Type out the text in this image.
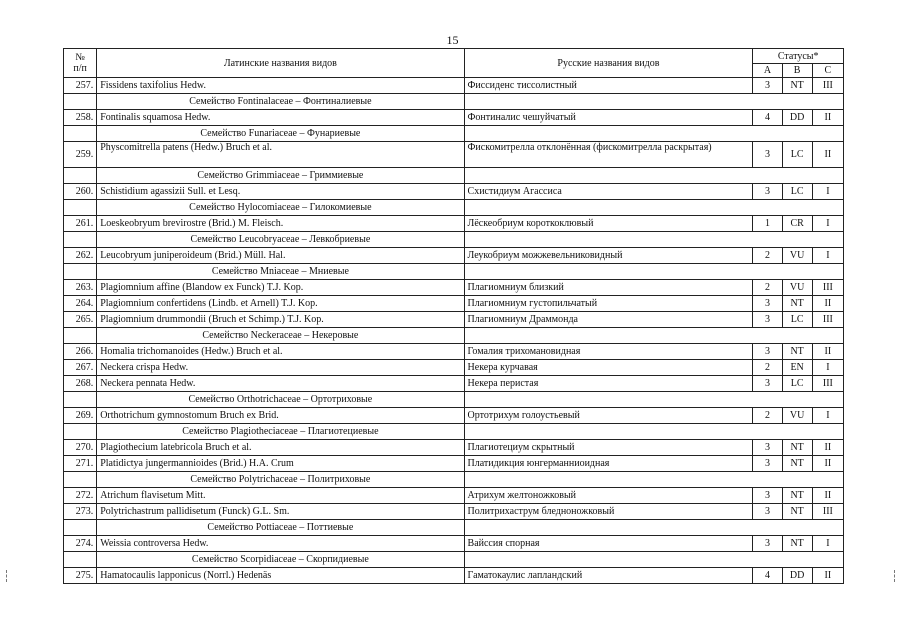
15
№
п/п	Латинские названия видов	Русские названия видов	Статусы*		
			А	В	С
257.	Fissidens taxifolius Hedw.	Фиссиденс тиссолистный	3	NT	III
	Семейство Fontinalaceae – Фонтиналиевые				
258.	Fontinalis squamosa Hedw.	Фонтиналис чешуйчатый	4	DD	II
	Семейство Funariaceae – Фунариевые				
259.	Physcomitrella patens (Hedw.) Bruch et al.	Фискомитрелла отклонённая (фискомитрелла раскрытая)	3	LC	II
	Семейство Grimmiaceae – Гриммиевые				
260.	Schistidium agassizii Sull. et Lesq.	Схистидиум Агассиса	3	LC	I
	Семейство Hylocomiaceae – Гилокомиевые				
261.	Loeskeobryum brevirostre (Brid.) M. Fleisch.	Лёскеобриум короткоклювый	1	CR	I
	Семейство Leucobryaceae – Левкобриевые				
262.	Leucobryum juniperoideum (Brid.) Müll. Hal.	Леукобриум можжевельниковидный	2	VU	I
	Семейство Mniaceae – Мниевые				
263.	Plagiomnium affine (Blandow ex Funck) T.J. Kop.	Плагиомниум близкий	2	VU	III
264.	Plagiomnium confertidens (Lindb. et Arnell) T.J. Kop.	Плагиомниум густопильчатый	3	NT	II
265.	Plagiomnium drummondii (Bruch et Schimp.) T.J. Kop.	Плагиомниум Драммонда	3	LC	III
	Семейство Neckeraceae – Некеровые				
266.	Homalia trichomanoides (Hedw.) Bruch et al.	Гомалия трихомановидная	3	NT	II
267.	Neckera crispa Hedw.	Некера курчавая	2	EN	I
268.	Neckera pennata Hedw.	Некера перистая	3	LC	III
	Семейство Orthotrichaceae – Ортотриховые				
269.	Orthotrichum gymnostomum Bruch ex Brid.	Ортотрихум голоустьевый	2	VU	I
	Семейство Plagiotheciaceae – Плагиотециевые				
270.	Plagiothecium latebricola Bruch et al.	Плагиотециум скрытный	3	NT	II
271.	Platidictya jungermannioides (Brid.) H.A. Crum	Платидикция юнгерманниоидная	3	NT	II
	Семейство Polytrichaceae – Политриховые				
272.	Atrichum flavisetum Mitt.	Атрихум желтоножковый	3	NT	II
273.	Polytrichastrum pallidisetum (Funck) G.L. Sm.	Политрихаструм бледноножковый	3	NT	III
	Семейство Pottiaceae – Поттиевые				
274.	Weissia controversa Hedw.	Вайссия спорная	3	NT	I
	Семейство Scorpidiaceae – Скорпидиевые				
275.	Hamatocaulis lapponicus (Norrl.) Hedenäs	Гаматокаулис лапландский	4	DD	II
